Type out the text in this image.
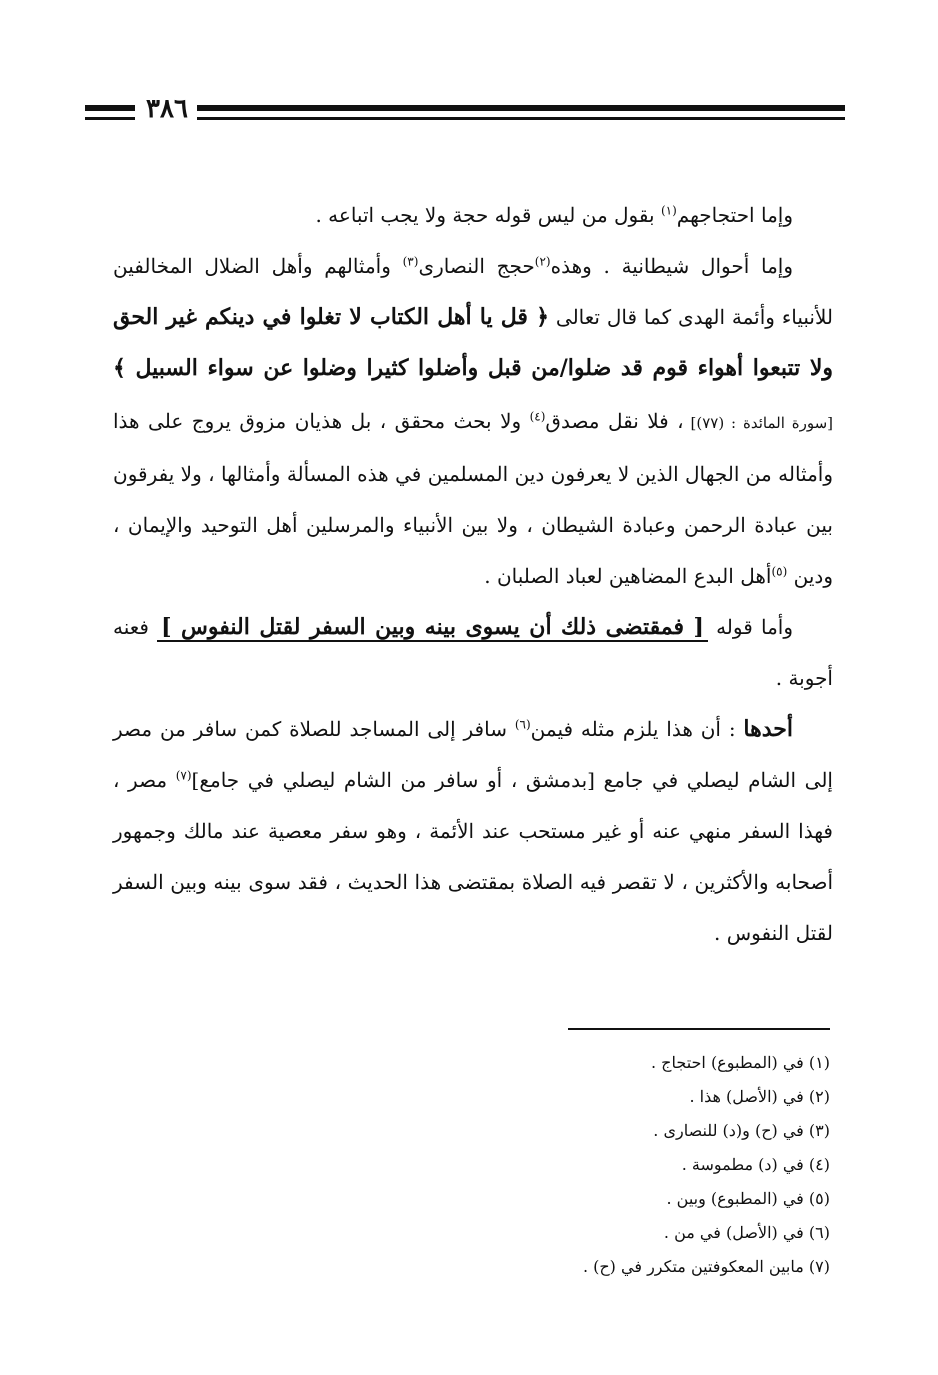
٣٨٦

وإما احتجاجهم$^{(١)}$ بقول من ليس قوله حجة ولا يجب اتباعه .

وإما أحوال شيطانية . وهذه$^{(٢)}$حجج النصارى$^{(٣)}$ وأمثالهم وأهل الضلال المخالفين للأنبياء وأئمة الهدى كما قال تعالى ﴿ قل يا أهل الكتاب لا تغلوا في دينكم غير الحق ولا تتبعوا أهواء قوم قد ضلوا/من قبل وأضلوا كثيرا وضلوا عن سواء السبيل ﴾ [سورة المائدة : (٧٧)] ، فلا نقل مصدق$^{(٤)}$ ولا بحث محقق ، بل هذيان مزوق يروج على هذا وأمثاله من الجهال الذين لا يعرفون دين المسلمين في هذه المسألة وأمثالها ، ولا يفرقون بين عبادة الرحمن وعبادة الشيطان ، ولا بين الأنبياء والمرسلين أهل التوحيد والإيمان ، ودين $^{(٥)}$أهل البدع المضاهين لعباد الصلبان .

وأما قوله [ فمقتضى ذلك أن يسوى بينه وبين السفر لقتل النفوس ] فعنه أجوبة .

أحدها : أن هذا يلزم مثله فيمن$^{(٦)}$ سافر إلى المساجد للصلاة كمن سافر من مصر إلى الشام ليصلي في جامع [بدمشق ، أو سافر من الشام ليصلي في جامع]$^{(٧)}$ مصر ، فهذا السفر منهي عنه أو غير مستحب عند الأئمة ، وهو سفر معصية عند مالك وجمهور أصحابه والأكثرين ، لا تقصر فيه الصلاة بمقتضى هذا الحديث ، فقد سوى بينه وبين السفر لقتل النفوس .

(١) في (المطبوع) احتجاج .
(٢) في (الأصل) هذا .
(٣) في (ح) و(د) للنصارى .
(٤) في (د) مطموسة .
(٥) في (المطبوع) وبين .
(٦) في (الأصل) في من .
(٧) مابين المعكوفتين متكرر في (ح) .
